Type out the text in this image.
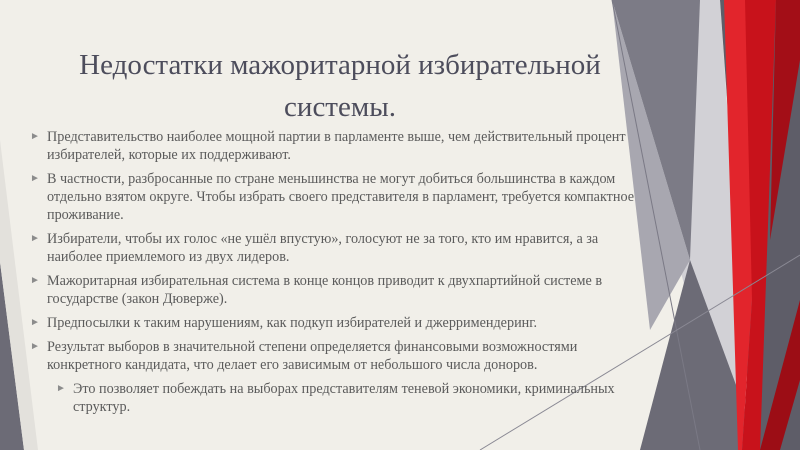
Недостатки мажоритарной избирательной системы.
► Представительство наиболее мощной партии в парламенте выше, чем действительный процент избирателей, которые их поддерживают.
► В частности, разбросанные по стране меньшинства не могут добиться большинства в каждом отдельно взятом округе. Чтобы избрать своего представителя в парламент, требуется компактное проживание.
► Избиратели, чтобы их голос «не ушёл впустую», голосуют не за того, кто им нравится, а за наиболее приемлемого из двух лидеров.
► Мажоритарная избирательная система в конце концов приводит к двухпартийной системе в государстве (закон Дюверже).
► Предпосылки к таким нарушениям, как подкуп избирателей и джерримендеринг.
► Результат выборов в значительной степени определяется финансовыми возможностями конкретного кандидата, что делает его зависимым от небольшого числа доноров.
► Это позволяет побеждать на выборах представителям теневой экономики, криминальных структур.
